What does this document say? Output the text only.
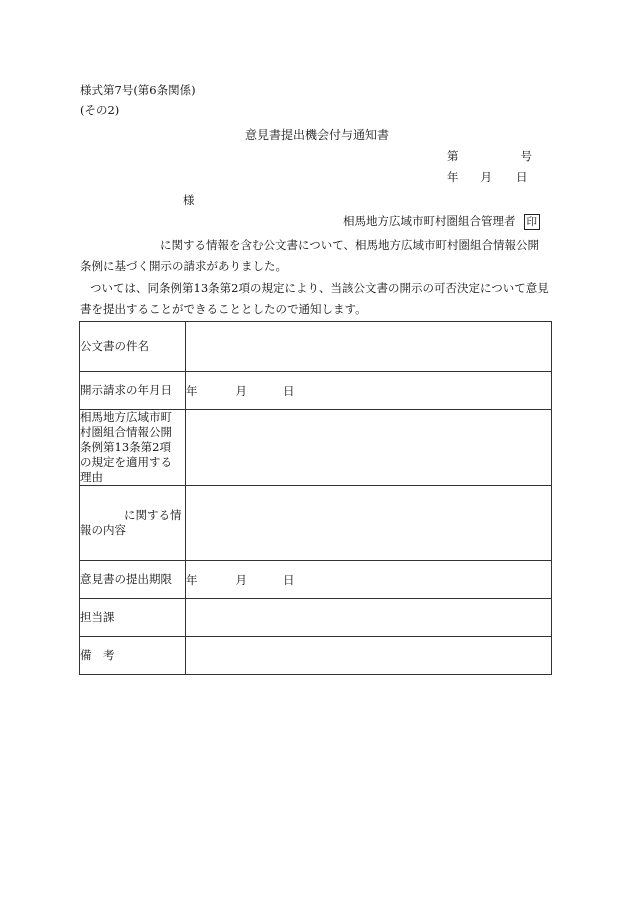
様式第7号(第6条関係)
(その2)
意見書提出機会付与通知書
第	号
年 月 日
様
相馬地方広域市町村圏組合管理者 印
に関する情報を含む公文書について、相馬地方広域市町村圏組合情報公開
条例に基づく開示の請求がありました。
ついては、同条例第13条第2項の規定により、当該公文書の開示の可否決定について意見
書を提出することができることとしたので通知します。
公文書の件名	
開示請求の年月日	年 月 日
相馬地方広域市町村圏組合情報公開条例第13条第2項の規定を適用する理由	

に関する情
報の内容	

意見書の提出期限	年 月 日
担当課	
備　考	
